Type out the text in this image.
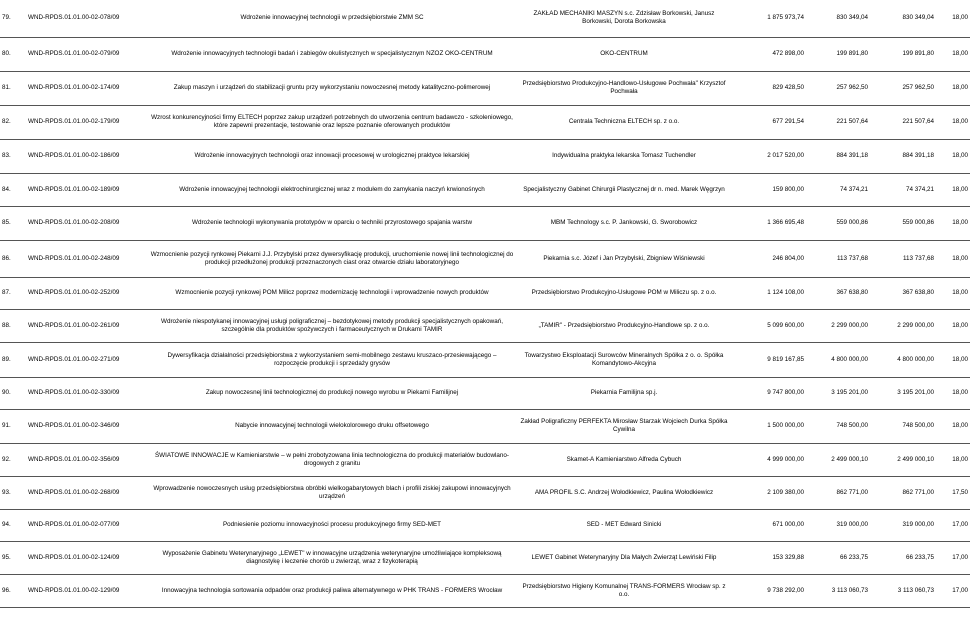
79.	WND-RPDS.01.01.00-02-078/09	Wdrożenie innowacyjnej technologii w przedsiębiorstwie ZMM SC	ZAKŁAD MECHANIKI MASZYN s.c. Zdzisław Borkowski, Janusz Borkowski, Dorota Borkowska	1 875 973,74	830 349,04	830 349,04	18,00
80.	WND-RPDS.01.01.00-02-079/09	Wdrożenie innowacyjnych technologii badań i zabiegów okulistycznych w specjalistycznym NZOZ OKO-CENTRUM	OKO-CENTRUM	472 898,00	199 891,80	199 891,80	18,00
81.	WND-RPDS.01.01.00-02-174/09	Zakup maszyn i urządzeń do stabilizacji gruntu przy wykorzystaniu nowoczesnej metody katalityczno-polimerowej	Przedsiębiorstwo Produkcyjno-Handlowo-Usługowe Pochwała" Krzysztof Pochwała	829 428,50	257 962,50	257 962,50	18,00
82.	WND-RPDS.01.01.00-02-179/09	Wzrost konkurencyjności firmy ELTECH poprzez zakup urządzeń potrzebnych do utworzenia centrum badawczo - szkoleniowego, które zapewni prezentacje, testowanie oraz lepsze poznanie oferowanych produktów	Centrala Techniczna ELTECH sp. z o.o.	677 291,54	221 507,64	221 507,64	18,00
83.	WND-RPDS.01.01.00-02-186/09	Wdrożenie innowacyjnych technologii oraz innowacji procesowej w urologicznej praktyce lekarskiej	Indywidualna praktyka lekarska Tomasz Tuchendler	2 017 520,00	884 391,18	884 391,18	18,00
84.	WND-RPDS.01.01.00-02-189/09	Wdrożenie innowacyjnej technologii elektrochirurgicznej wraz z modułem do zamykania naczyń krwionośnych	Specjalistyczny Gabinet Chirurgii Plastycznej dr n. med. Marek Węgrzyn	159 800,00	74 374,21	74 374,21	18,00
85.	WND-RPDS.01.01.00-02-208/09	Wdrożenie technologii wykonywania prototypów w oparciu o techniki przyrostowego spajania warstw	MBM Technology s.c. P. Jankowski, G. Sworobowicz	1 366 695,48	559 000,86	559 000,86	18,00
86.	WND-RPDS.01.01.00-02-248/09	Wzmocnienie pozycji rynkowej Piekarni J.J. Przybylski przez dywersyfikację produkcji, uruchomienie nowej linii technologicznej do produkcji przedłużonej produkcji przeznaczonych ciast oraz otwarcie działu laboratoryjnego	Piekarnia s.c. Józef i Jan Przybylski, Zbigniew Wiśniewski	246 804,00	113 737,68	113 737,68	18,00
87.	WND-RPDS.01.01.00-02-252/09	Wzmocnienie pozycji rynkowej POM Milicz poprzez modernizację technologii i wprowadzenie nowych produktów	Przedsiębiorstwo Produkcyjno-Usługowe POM w Miliczu sp. z o.o.	1 124 108,00	367 638,80	367 638,80	18,00
88.	WND-RPDS.01.01.00-02-261/09	Wdrożenie niespotykanej innowacyjnej usługi poligraficznej – bezdotykowej metody produkcji specjalistycznych opakowań, szczególnie dla produktów spożywczych i farmaceutycznych w Drukarni TAMIR	„TAMIR" - Przedsiębiorstwo Produkcyjno-Handlowe sp. z o.o.	5 099 600,00	2 299 000,00	2 299 000,00	18,00
89.	WND-RPDS.01.01.00-02-271/09	Dywersyfikacja działalności przedsiębiorstwa z wykorzystaniem semi-mobilnego zestawu kruszaco-przesiewającego – rozpoczęcie produkcji i sprzedaży grysów	Towarzystwo Eksploatacji Surowców Mineralnych Spółka z o. o. Spółka Komandytowo-Akcyjna	9 819 167,85	4 800 000,00	4 800 000,00	18,00
90.	WND-RPDS.01.01.00-02-330/09	Zakup nowoczesnej linii technologicznej do produkcji nowego wyrobu w Piekarni Familijnej	Piekarnia Familijna sp.j.	9 747 800,00	3 195 201,00	3 195 201,00	18,00
91.	WND-RPDS.01.01.00-02-346/09	Nabycie innowacyjnej technologii wielokolorowego druku offsetowego	Zakład Poligraficzny PERFEKTA Mirosław Starzak Wojciech Durka Spółka Cywilna	1 500 000,00	748 500,00	748 500,00	18,00
92.	WND-RPDS.01.01.00-02-356/09	ŚWIATOWE INNOWACJE w Kamieniarstwie – w pełni zrobotyzowana linia technologiczna do produkcji materiałów budowlano-drogowych z granitu	Skamet-A Kamieniarstwo Alfreda Cybuch	4 999 000,00	2 499 000,10	2 499 000,10	18,00
93.	WND-RPDS.01.01.00-02-268/09	Wprowadzenie nowoczesnych usług przedsiębiorstwa obróbki wielkogabarytowych blach i profili ziskiej zakupowi innowacyjnych urządzeń	AMA PROFIL S.C. Andrzej Wołodkiewicz, Paulina Wołodkiewicz	2 109 380,00	862 771,00	862 771,00	17,50
94.	WND-RPDS.01.01.00-02-077/09	Podniesienie poziomu innowacyjności procesu produkcyjnego firmy SED-MET	SED - MET Edward Sinicki	671 000,00	319 000,00	319 000,00	17,00
95.	WND-RPDS.01.01.00-02-124/09	Wyposażenie Gabinetu Weterynaryjnego „LEWET" w innowacyjne urządzenia weterynaryjne umożliwiające kompleksową diagnostykę i leczenie chorób u zwierząt, wraz z fizykoterapią	LEWET Gabinet Weterynaryjny Dla Małych Zwierząt Lewiński Filip	153 329,88	66 233,75	66 233,75	17,00
96.	WND-RPDS.01.01.00-02-129/09	Innowacyjna technologia sortowania odpadów oraz produkcji paliwa alternatywnego w PHK TRANS - FORMERS Wrocław	Przedsiębiorstwo Higieny Komunalnej TRANS-FORMERS Wrocław sp. z o.o.	9 738 292,00	3 113 060,73	3 113 060,73	17,00
